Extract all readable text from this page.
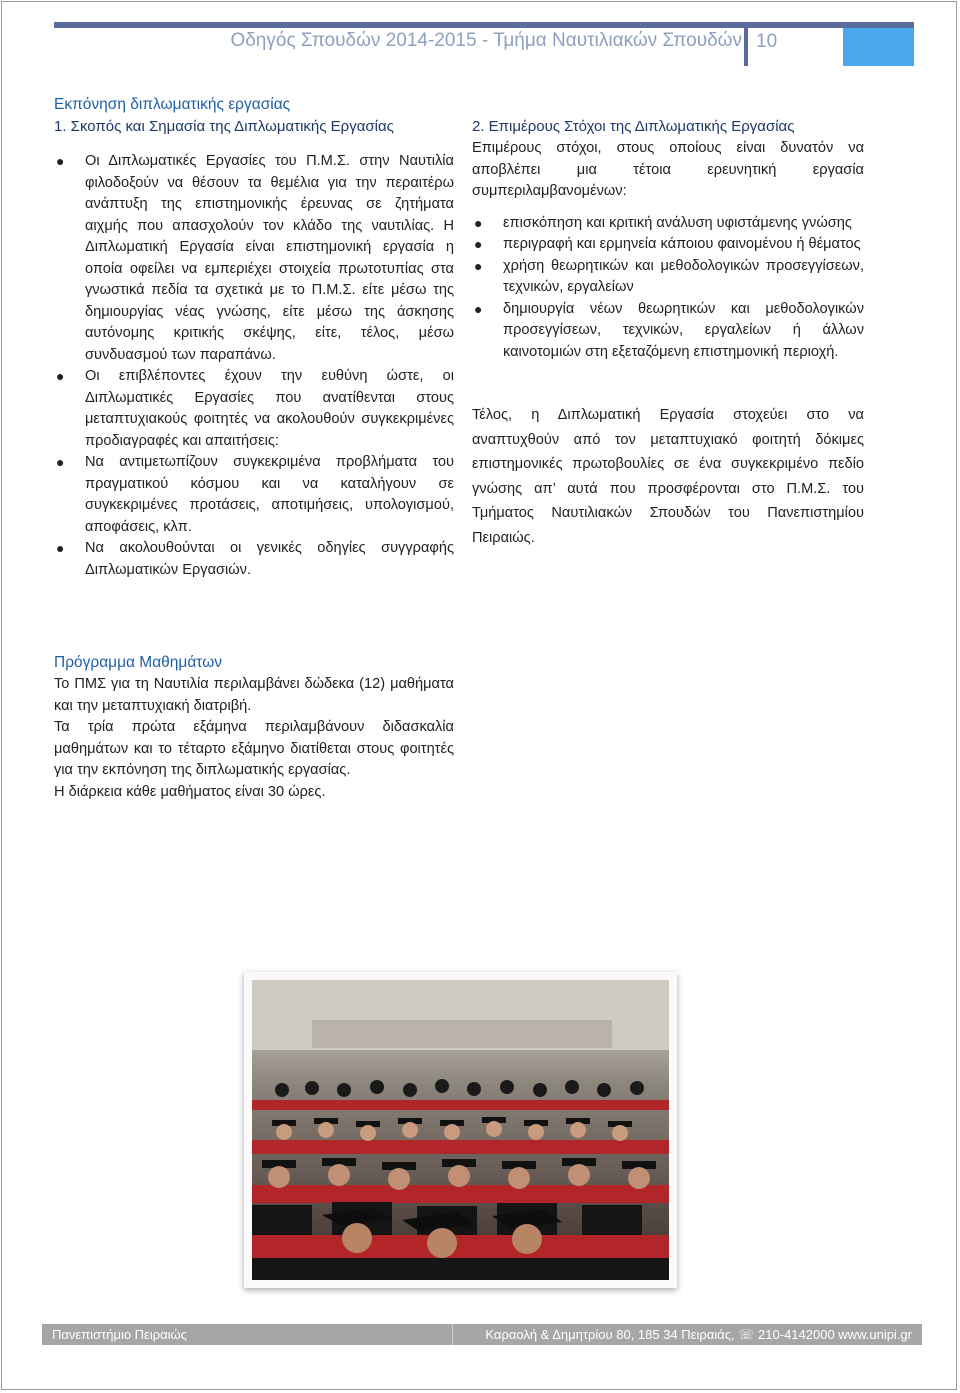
Οδηγός Σπουδών 2014-2015 - Τμήμα Ναυτιλιακών Σπουδών 10
Εκπόνηση διπλωματικής εργασίας
1. Σκοπός και Σημασία της Διπλωματικής Εργασίας
● Οι Διπλωματικές Εργασίες του Π.Μ.Σ. στην Ναυτιλία φιλοδοξούν να θέσουν τα θεμέλια για την περαιτέρω ανάπτυξη της επιστημονικής έρευνας σε ζητήματα αιχμής που απασχολούν τον κλάδο της ναυτιλίας. Η Διπλωματική Εργασία είναι επιστημονική εργασία η οποία οφείλει να εμπεριέχει στοιχεία πρωτοτυπίας στα γνωστικά πεδία τα σχετικά με το Π.Μ.Σ. είτε μέσω της δημιουργίας νέας γνώσης, είτε μέσω της άσκησης αυτόνομης κριτικής σκέψης, είτε, τέλος, μέσω συνδυασμού των παραπάνω.
● Οι επιβλέποντες έχουν την ευθύνη ώστε, οι Διπλωματικές Εργασίες που ανατίθενται στους μεταπτυχιακούς φοιτητές να ακολουθούν συγκεκριμένες προδιαγραφές και απαιτήσεις:
● Να αντιμετωπίζουν συγκεκριμένα προβλήματα του πραγματικού κόσμου και να καταλήγουν σε συγκεκριμένες προτάσεις, αποτιμήσεις, υπολογισμού, αποφάσεις, κλπ.
● Να ακολουθούνται οι γενικές οδηγίες συγγραφής Διπλωματικών Εργασιών.
Πρόγραμμα Μαθημάτων

Το ΠΜΣ για τη Ναυτιλία περιλαμβάνει δώδεκα (12) μαθήματα και την μεταπτυχιακή διατριβή.

Τα τρία πρώτα εξάμηνα περιλαμβάνουν διδασκαλία μαθημάτων και το τέταρτο εξάμηνο διατίθεται στους φοιτητές για την εκπόνηση της διπλωματικής εργασίας.

Η διάρκεια κάθε μαθήματος είναι 30 ώρες.

2. Επιμέρους Στόχοι της Διπλωματικής Εργασίας

Επιμέρους στόχοι, στους οποίους είναι δυνατόν να αποβλέπει μια τέτοια ερευνητική εργασία συμπεριλαμβανομένων:

● επισκόπηση και κριτική ανάλυση υφιστάμενης γνώσης
● περιγραφή και ερμηνεία κάποιου φαινομένου ή θέματος
● χρήση θεωρητικών και μεθοδολογικών προσεγγίσεων, τεχνικών, εργαλείων
● δημιουργία νέων θεωρητικών και μεθοδολογικών προσεγγίσεων, τεχνικών, εργαλείων ή άλλων καινοτομιών στη εξεταζόμενη επιστημονική περιοχή.

Τέλος, η Διπλωματική Εργασία στοχεύει στο να αναπτυχθούν από τον μεταπτυχιακό φοιτητή δόκιμες επιστημονικές πρωτοβουλίες σε ένα συγκεκριμένο πεδίο γνώσης απ’ αυτά που προσφέρονται στο Π.Μ.Σ. του Τμήματος Ναυτιλιακών Σπουδών του Πανεπιστημίου Πειραιώς.

Πανεπιστήμιο Πειραιώς	Καραολή & Δημητρίου 80, 185 34 Πειραιάς, ☏ 210-4142000 www.unipi.gr
